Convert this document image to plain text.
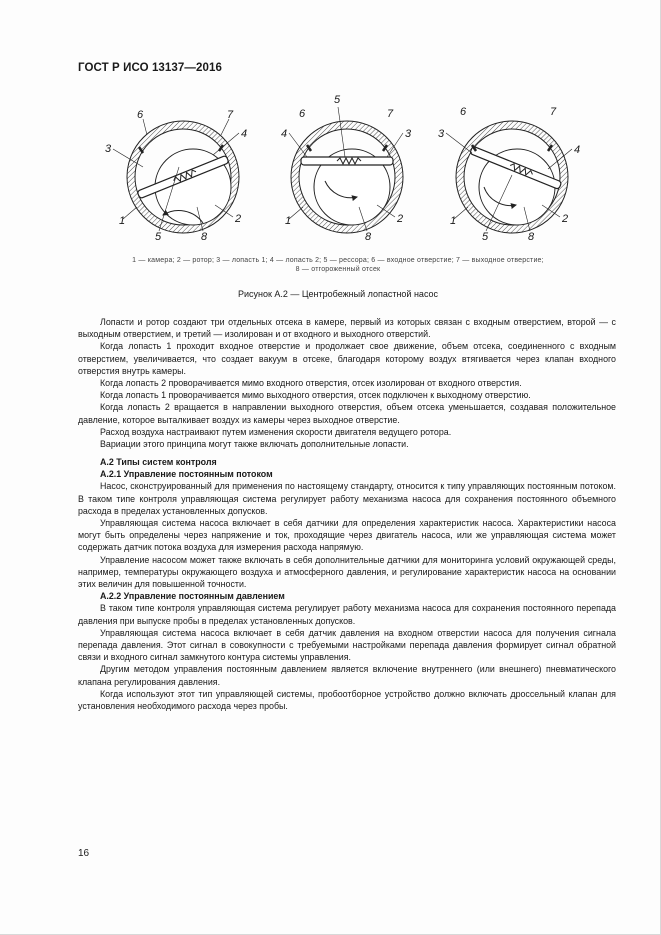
ГОСТ Р ИСО 13137—2016
6	7
3
4
1	2
5	8
5
6	7
4	3
1	2
8
6	7
3
4
1	2
5	8
1 — камера; 2 — ротор; 3 — лопасть 1; 4 — лопасть 2; 5 — рессора; 6 — входное отверстие; 7 — выходное отверстие;
8 — отгороженный отсек
Рисунок А.2 — Центробежный лопастной насос

Лопасти и ротор создают три отдельных отсека в камере, первый из которых связан с входным отверстием, второй — с выходным отверстием, и третий — изолирован и от входного и выходного отверстий.

Когда лопасть 1 проходит входное отверстие и продолжает свое движение, объем отсека, соединенного с входным отверстием, увеличивается, что создает вакуум в отсеке, благодаря которому воздух втягивается через клапан входного отверстия внутрь камеры.

Когда лопасть 2 проворачивается мимо входного отверстия, отсек изолирован от входного отверстия.

Когда лопасть 1 проворачивается мимо выходного отверстия, отсек подключен к выходному отверстию.

Когда лопасть 2 вращается в направлении выходного отверстия, объем отсека уменьшается, создавая положительное давление, которое выталкивает воздух из камеры через выходное отверстие.

Расход воздуха настраивают путем изменения скорости двигателя ведущего ротора.

Вариации этого принципа могут также включать дополнительные лопасти.

А.2 Типы систем контроля

А.2.1 Управление постоянным потоком

Насос, сконструированный для применения по настоящему стандарту, относится к типу управляющих постоянным потоком. В таком типе контроля управляющая система регулирует работу механизма насоса для сохранения постоянного объемного расхода в пределах установленных допусков.

Управляющая система насоса включает в себя датчики для определения характеристик насоса. Характеристики насоса могут быть определены через напряжение и ток, проходящие через двигатель насоса, или же управляющая система может содержать датчик потока воздуха для измерения расхода напрямую.

Управление насосом может также включать в себя дополнительные датчики для мониторинга условий окружающей среды, например, температуры окружающего воздуха и атмосферного давления, и регулирование характеристик насоса на основании этих величин для повышенной точности.

А.2.2 Управление постоянным давлением

В таком типе контроля управляющая система регулирует работу механизма насоса для сохранения постоянного перепада давления при выпуске пробы в пределах установленных допусков.

Управляющая система насоса включает в себя датчик давления на входном отверстии насоса для получения сигнала перепада давления. Этот сигнал в совокупности с требуемыми настройками перепада давления формирует сигнал обратной связи и входного сигнал замкнутого контура системы управления.

Другим методом управления постоянным давлением является включение внутреннего (или внешнего) пневматического клапана регулирования давления.

Когда используют этот тип управляющей системы, пробоотборное устройство должно включать дроссельный клапан для установления необходимого расхода через пробы.

16
